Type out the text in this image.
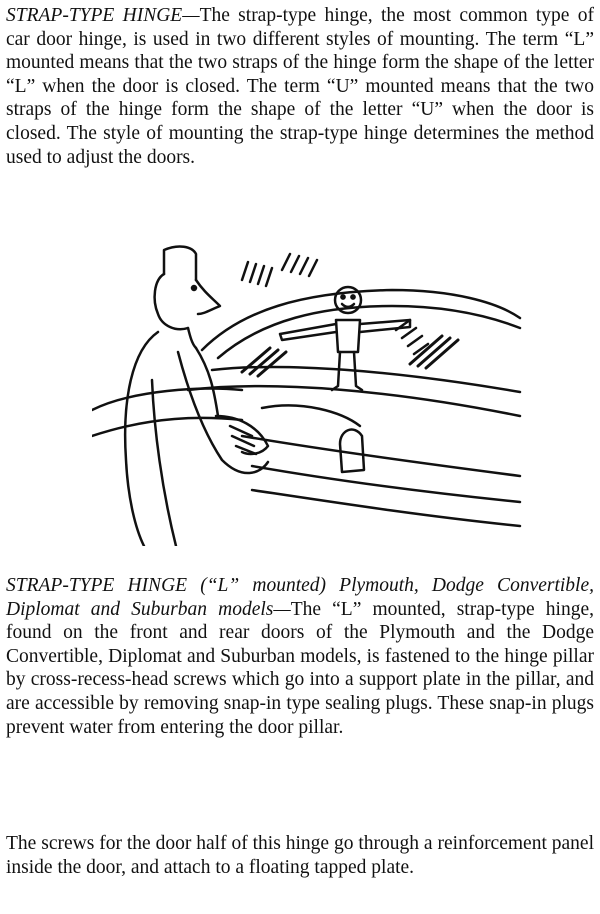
STRAP-TYPE HINGE—The strap-type hinge, the most common type of car door hinge, is used in two different styles of mounting. The term “L” mounted means that the two straps of the hinge form the shape of the letter “L” when the door is closed. The term “U” mounted means that the two straps of the hinge form the shape of the letter “U” when the door is closed. The style of mounting the strap-type hinge determines the method used to adjust the doors.

STRAP-TYPE HINGE (“L” mounted) Plymouth, Dodge Convertible, Diplomat and Suburban models—The “L” mounted, strap-type hinge, found on the front and rear doors of the Plymouth and the Dodge Convertible, Diplomat and Suburban models, is fastened to the hinge pillar by cross-recess-head screws which go into a support plate in the pillar, and are accessible by removing snap-in type sealing plugs. These snap-in plugs prevent water from entering the door pillar.

The screws for the door half of this hinge go through a reinforcement panel inside the door, and attach to a floating tapped plate.
